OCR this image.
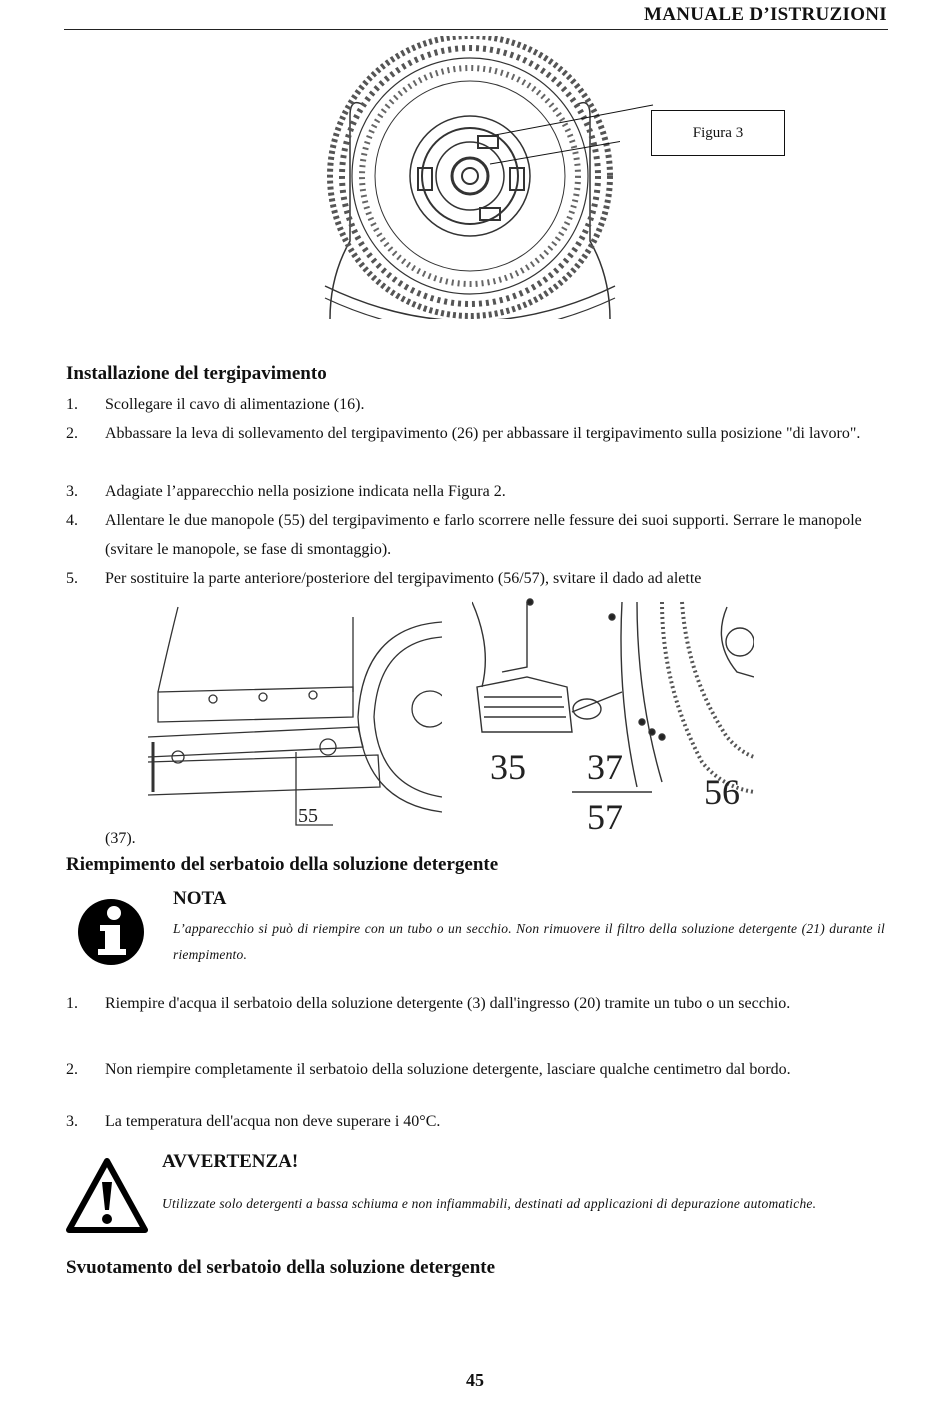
MANUALE D’ISTRUZIONI
Figura 3
Installazione del tergipavimento
1. Scollegare il cavo di alimentazione (16).
2. Abbassare la leva di sollevamento del tergipavimento (26) per abbassare il tergipavimento sulla posizione "di lavoro".
3. Adagiate l’apparecchio nella posizione indicata nella Figura 2.
4. Allentare le due manopole (55) del tergipavimento e farlo scorrere nelle fessure dei suoi supporti. Serrare le manopole (svitare le manopole, se fase di smontaggio).
5. Per sostituire la parte anteriore/posteriore del tergipavimento (56/57), svitare il dado ad alette
55
35 37
57
56
(37).
Riempimento del serbatoio della soluzione detergente
NOTA
L’apparecchio si può di riempire con un tubo o un secchio. Non rimuovere il filtro della soluzione detergente (21) durante il riempimento.
1. Riempire d'acqua il serbatoio della soluzione detergente (3) dall'ingresso (20) tramite un tubo o un secchio.
2. Non riempire completamente il serbatoio della soluzione detergente, lasciare qualche centimetro dal bordo.
3. La temperatura dell'acqua non deve superare i 40°C.
AVVERTENZA!
Utilizzate solo detergenti a bassa schiuma e non infiammabili, destinati ad applicazioni di depurazione automatiche.
Svuotamento del serbatoio della soluzione detergente
45
